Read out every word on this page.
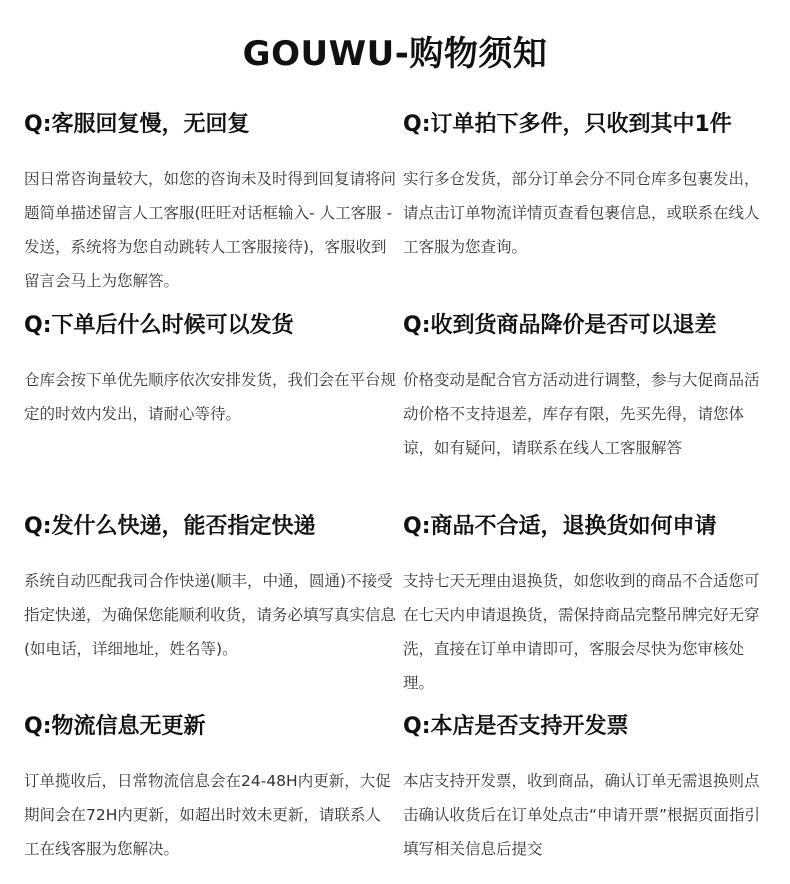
GOUWU-购物须知
Q:客服回复慢，无回复
因日常咨询量较大，如您的咨询未及时得到回复请将问题简单描述留言人工客服(旺旺对话框输入- 人工客服 - 发送，系统将为您自动跳转人工客服接待)，客服收到留言会马上为您解答。
Q:订单拍下多件，只收到其中1件
实行多仓发货，部分订单会分不同仓库多包裹发出，请点击订单物流详情页查看包裹信息，或联系在线人工客服为您查询。
Q:下单后什么时候可以发货
仓库会按下单优先顺序依次安排发货，我们会在平台规定的时效内发出，请耐心等待。
Q:收到货商品降价是否可以退差
价格变动是配合官方活动进行调整，参与大促商品活动价格不支持退差，库存有限，先买先得，请您体谅，如有疑问，请联系在线人工客服解答
Q:发什么快递，能否指定快递
系统自动匹配我司合作快递(顺丰，中通，圆通)不接受指定快递，为确保您能顺利收货，请务必填写真实信息(如电话，详细地址，姓名等)。
Q:商品不合适，退换货如何申请
支持七天无理由退换货，如您收到的商品不合适您可在七天内申请退换货，需保持商品完整吊牌完好无穿洗，直接在订单申请即可，客服会尽快为您审核处理。
Q:物流信息无更新
订单揽收后，日常物流信息会在24-48H内更新，大促期间会在72H内更新，如超出时效未更新，请联系人工在线客服为您解决。
Q:本店是否支持开发票
本店支持开发票，收到商品，确认订单无需退换则点击确认收货后在订单处点击“申请开票”根据页面指引填写相关信息后提交
